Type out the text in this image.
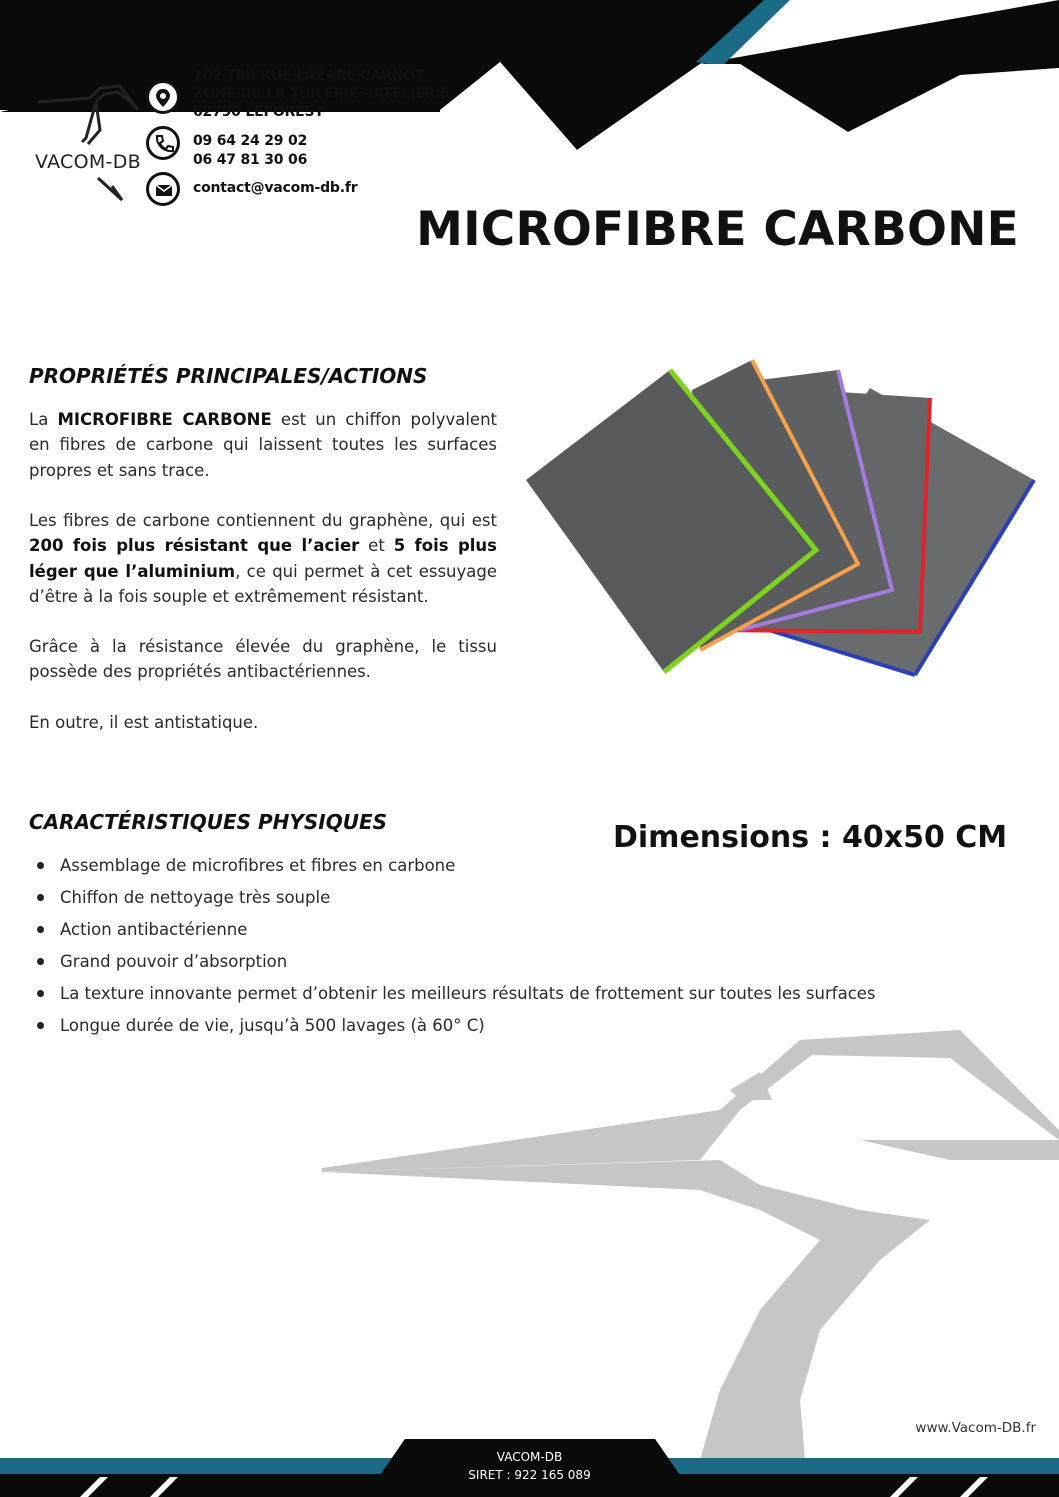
VACOM-DB
102 TER RUE LAZARE CARNOT
ZONE DE LA TUILERIE - ATELIER 5
62790 LEFOREST
09 64 24 29 02
06 47 81 30 06
contact@vacom-db.fr
MICROFIBRE CARBONE
PROPRIÉTÉS PRINCIPALES/ACTIONS

La MICROFIBRE CARBONE est un chiffon polyvalent en fibres de carbone qui laissent toutes les surfaces propres et sans trace.

Les fibres de carbone contiennent du graphène, qui est 200 fois plus résistant que l’acier et 5 fois plus léger que l’aluminium, ce qui permet à cet essuyage d’être à la fois souple et extrêmement résistant.

Grâce à la résistance élevée du graphène, le tissu possède des propriétés antibactériennes.

En outre, il est antistatique.

CARACTÉRISTIQUES PHYSIQUES	Dimensions : 40x50 CM
Assemblage de microfibres et fibres en carbone
Chiffon de nettoyage très souple
Action antibactérienne
Grand pouvoir d’absorption
La texture innovante permet d’obtenir les meilleurs résultats de frottement sur toutes les surfaces
Longue durée de vie, jusqu’à 500 lavages (à 60° C)
www.Vacom-DB.fr
VACOM-DB
SIRET : 922 165 089
